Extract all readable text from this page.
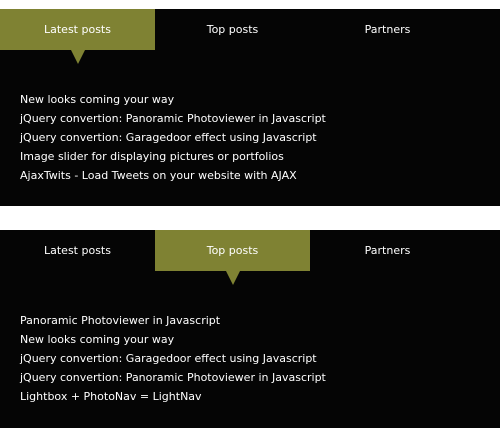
Latest posts	Top posts	Partners
New looks coming your way
jQuery convertion: Panoramic Photoviewer in Javascript
jQuery convertion: Garagedoor effect using Javascript
Image slider for displaying pictures or portfolios
AjaxTwits - Load Tweets on your website with AJAX
Latest posts	Top posts	Partners
Panoramic Photoviewer in Javascript
New looks coming your way
jQuery convertion: Garagedoor effect using Javascript
jQuery convertion: Panoramic Photoviewer in Javascript
Lightbox + PhotoNav = LightNav
